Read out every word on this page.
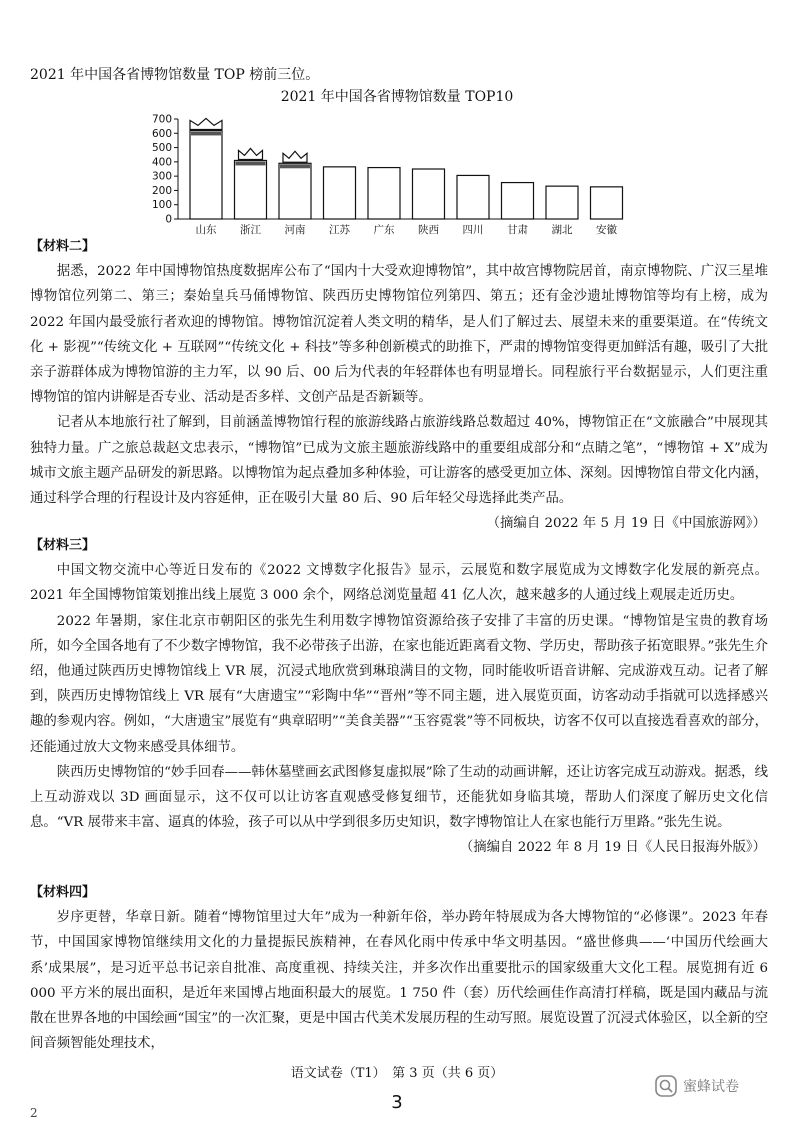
2021 年中国各省博物馆数量 TOP 榜前三位。
2021 年中国各省博物馆数量 TOP10
0
100
200
300
400
500
600
700
山东 浙江 河南 江苏 广东 陕西 四川 甘肃 湖北 安徽
【材料二】

据悉，2022 年中国博物馆热度数据库公布了“国内十大受欢迎博物馆”，其中故宫博物院居首，南京博物院、广汉三星堆博物馆位列第二、第三；秦始皇兵马俑博物馆、陕西历史博物馆位列第四、第五；还有金沙遗址博物馆等均有上榜，成为 2022 年国内最受旅行者欢迎的博物馆。博物馆沉淀着人类文明的精华，是人们了解过去、展望未来的重要渠道。在“传统文化 + 影视”“传统文化 + 互联网”“传统文化 + 科技”等多种创新模式的助推下，严肃的博物馆变得更加鲜活有趣，吸引了大批亲子游群体成为博物馆游的主力军，以 90 后、00 后为代表的年轻群体也有明显增长。同程旅行平台数据显示，人们更注重博物馆的馆内讲解是否专业、活动是否多样、文创产品是否新颖等。

记者从本地旅行社了解到，目前涵盖博物馆行程的旅游线路占旅游线路总数超过 40%，博物馆正在“文旅融合”中展现其独特力量。广之旅总裁赵文忠表示，“博物馆”已成为文旅主题旅游线路中的重要组成部分和“点睛之笔”，“博物馆 + X”成为城市文旅主题产品研发的新思路。以博物馆为起点叠加多种体验，可让游客的感受更加立体、深刻。因博物馆自带文化内涵，通过科学合理的行程设计及内容延伸，正在吸引大量 80 后、90 后年轻父母选择此类产品。

（摘编自 2022 年 5 月 19 日《中国旅游网》）
【材料三】

中国文物交流中心等近日发布的《2022 文博数字化报告》显示，云展览和数字展览成为文博数字化发展的新亮点。2021 年全国博物馆策划推出线上展览 3 000 余个，网络总浏览量超 41 亿人次，越来越多的人通过线上观展走近历史。

2022 年暑期，家住北京市朝阳区的张先生利用数字博物馆资源给孩子安排了丰富的历史课。“博物馆是宝贵的教育场所，如今全国各地有了不少数字博物馆，我不必带孩子出游，在家也能近距离看文物、学历史，帮助孩子拓宽眼界。”张先生介绍，他通过陕西历史博物馆线上 VR 展，沉浸式地欣赏到琳琅满目的文物，同时能收听语音讲解、完成游戏互动。记者了解到，陕西历史博物馆线上 VR 展有“大唐遗宝”“彩陶中华”“晋州”等不同主题，进入展览页面，访客动动手指就可以选择感兴趣的参观内容。例如，“大唐遗宝”展览有“典章昭明”“美食美器”“玉容霓裳”等不同板块，访客不仅可以直接选看喜欢的部分，还能通过放大文物来感受具体细节。

陕西历史博物馆的“妙手回春——韩休墓壁画玄武图修复虚拟展”除了生动的动画讲解，还让访客完成互动游戏。据悉，线上互动游戏以 3D 画面显示，这不仅可以让访客直观感受修复细节，还能犹如身临其境，帮助人们深度了解历史文化信息。“VR 展带来丰富、逼真的体验，孩子可以从中学到很多历史知识，数字博物馆让人在家也能行万里路。”张先生说。

（摘编自 2022 年 8 月 19 日《人民日报海外版》）
【材料四】

岁序更替，华章日新。随着“博物馆里过大年”成为一种新年俗，举办跨年特展成为各大博物馆的“必修课”。2023 年春节，中国国家博物馆继续用文化的力量提振民族精神，在春风化雨中传承中华文明基因。“盛世修典——‘中国历代绘画大系’成果展”，是习近平总书记亲自批准、高度重视、持续关注，并多次作出重要批示的国家级重大文化工程。展览拥有近 6 000 平方米的展出面积，是近年来国博占地面积最大的展览。1 750 件（套）历代绘画佳作高清打样稿，既是国内藏品与流散在世界各地的中国绘画“国宝”的一次汇聚，更是中国古代美术发展历程的生动写照。展览设置了沉浸式体验区，以全新的空间音频智能处理技术，

语文试卷（T1）　第 3 页（共 6 页）
蜜蜂试卷
3
2
